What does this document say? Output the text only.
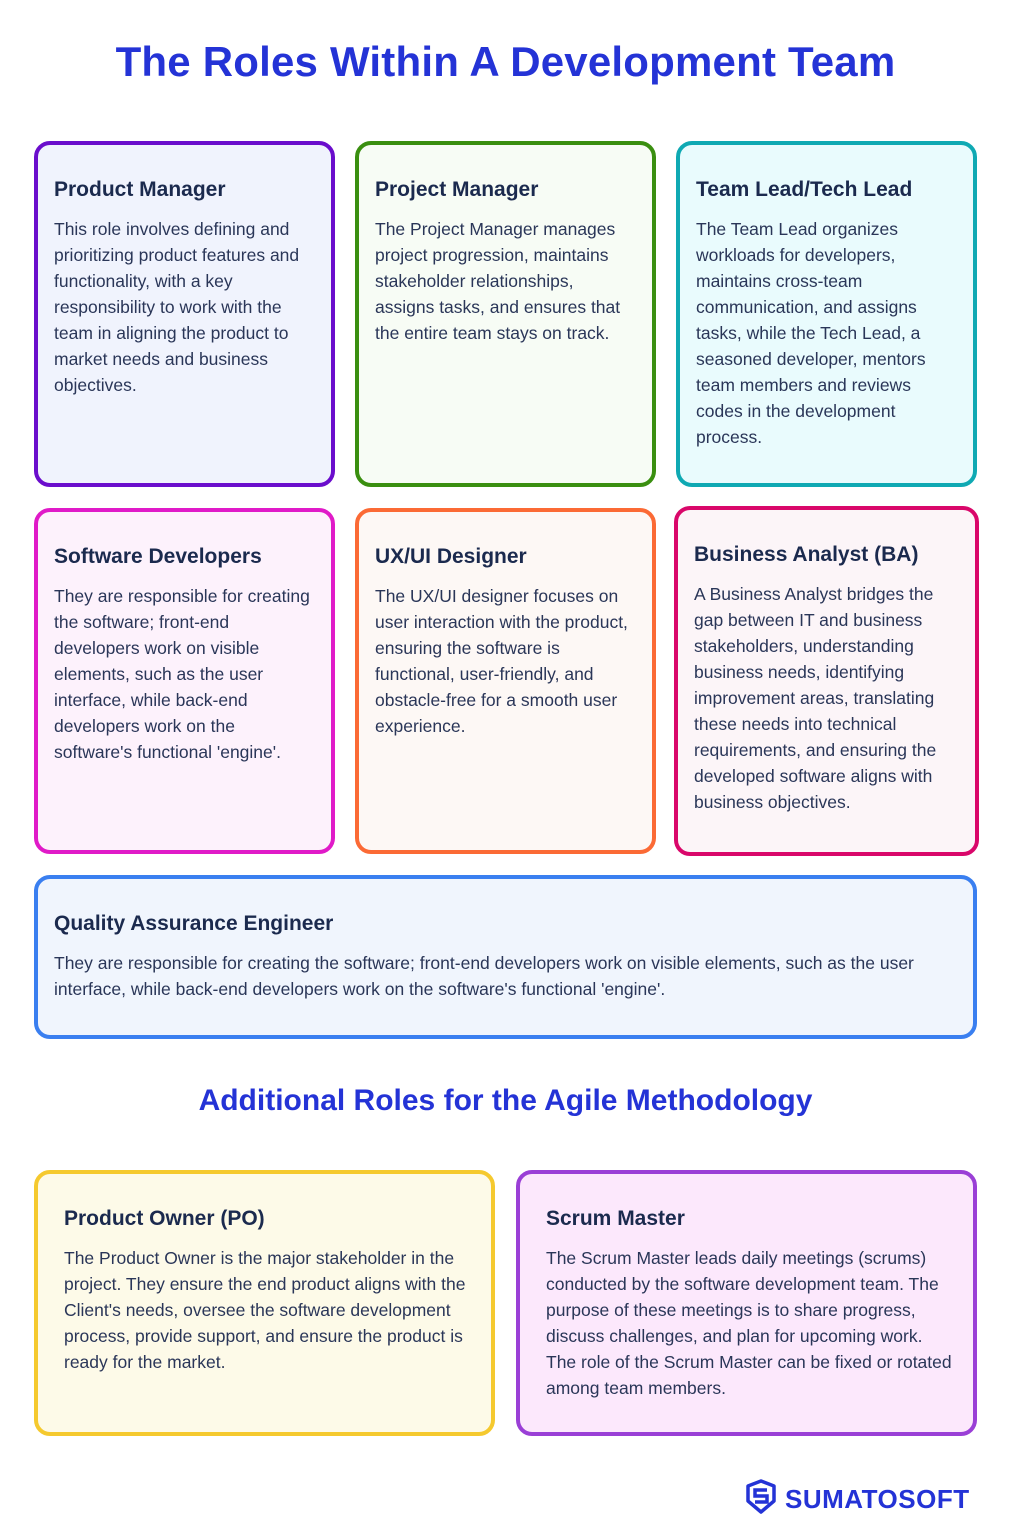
The Roles Within A Development Team
Product Manager

This role involves defining and prioritizing product features and functionality, with a key responsibility to work with the team in aligning the product to market needs and business objectives.

Project Manager

The Project Manager manages project progression, maintains stakeholder relationships, assigns tasks, and ensures that the entire team stays on track.

Team Lead/Tech Lead

The Team Lead organizes workloads for developers, maintains cross-team communication, and assigns tasks, while the Tech Lead, a seasoned developer, mentors team members and reviews codes in the development process.

Software Developers

They are responsible for creating the software; front-end developers work on visible elements, such as the user interface, while back-end developers work on the software's functional 'engine'.

UX/UI Designer

The UX/UI designer focuses on user interaction with the product, ensuring the software is functional, user-friendly, and obstacle-free for a smooth user experience.

Business Analyst (BA)

A Business Analyst bridges the gap between IT and business stakeholders, understanding business needs, identifying improvement areas, translating these needs into technical requirements, and ensuring the developed software aligns with business objectives.

Quality Assurance Engineer

They are responsible for creating the software; front-end developers work on visible elements, such as the user interface, while back-end developers work on the software's functional 'engine'.

Additional Roles for the Agile Methodology
Product Owner (PO)

The Product Owner is the major stakeholder in the project. They ensure the end product aligns with the Client's needs, oversee the software development process, provide support, and ensure the product is ready for the market.

Scrum Master

The Scrum Master leads daily meetings (scrums) conducted by the software development team. The purpose of these meetings is to share progress, discuss challenges, and plan for upcoming work. The role of the Scrum Master can be fixed or rotated among team members.

SUMATOSOFT
